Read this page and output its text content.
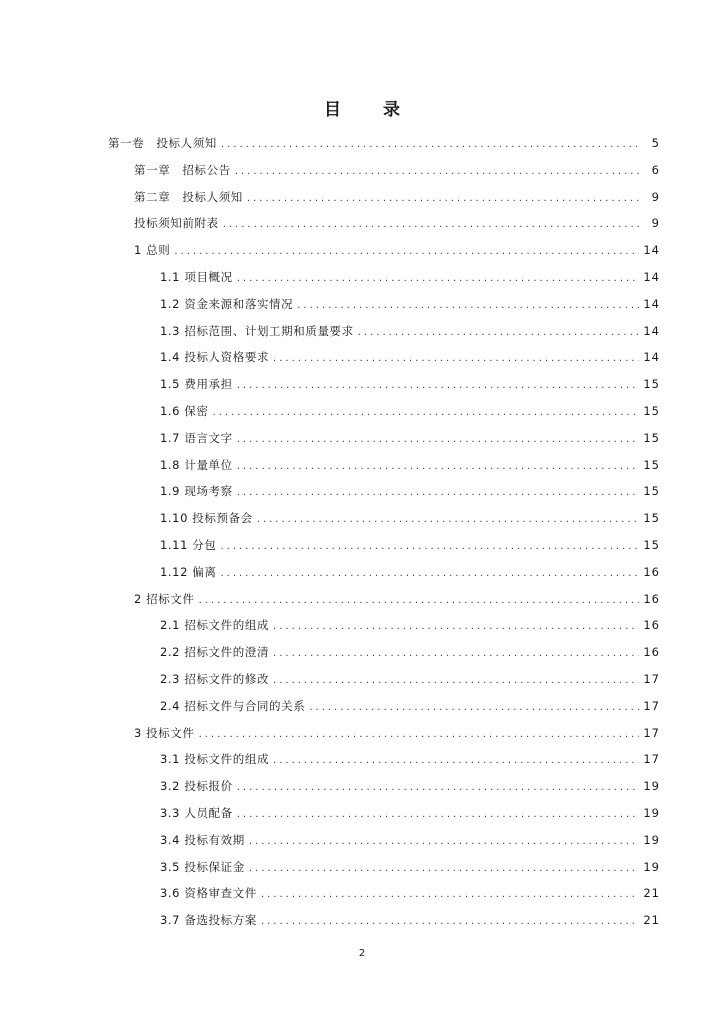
目 录
第一卷　投标人须知 .....	5
第一章　招标公告 .....	6
第二章　投标人须知 .....	9
投标须知前附表 .....	9
1 总则 .....	14
1.1 项目概况 .....	14
1.2 资金来源和落实情况 .....	14
1.3 招标范围、计划工期和质量要求 .....	14
1.4 投标人资格要求 .....	14
1.5 费用承担 .....	15
1.6 保密 .....	15
1.7 语言文字 .....	15
1.8 计量单位 .....	15
1.9 现场考察 .....	15
1.10 投标预备会 .....	15
1.11 分包 .....	15
1.12 偏离 .....	16
2 招标文件 .....	16
2.1 招标文件的组成 .....	16
2.2 招标文件的澄清 .....	16
2.3 招标文件的修改 .....	17
2.4 招标文件与合同的关系 .....	17
3 投标文件 .....	17
3.1 投标文件的组成 .....	17
3.2 投标报价 .....	19
3.3 人员配备 .....	19
3.4 投标有效期 .....	19
3.5 投标保证金 .....	19
3.6 资格审查文件 .....	21
3.7 备选投标方案 .....	21
2
